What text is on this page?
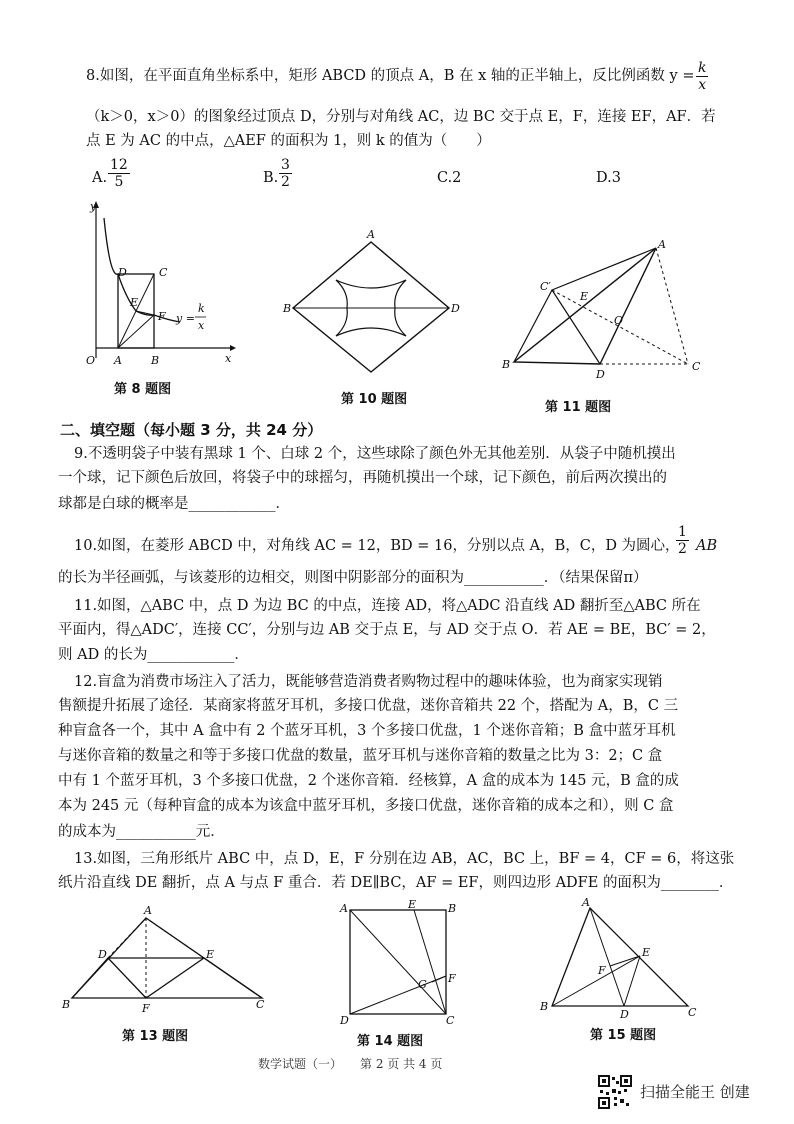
8.如图，在平面直角坐标系中，矩形 ABCD 的顶点 A，B 在 x 轴的正半轴上，反比例函数 $y = \frac{k}{x}$
（k＞0，x＞0）的图象经过顶点 D，分别与对角线 AC，边 BC 交于点 E，F，连接 EF，AF．若
点 E 为 AC 的中点，△AEF 的面积为 1，则 k 的值为（　　）
A. $\frac{12}{5}$	B. $\frac{3}{2}$	C.2	D.3
y
x
O A	B
C
D
E
F y =
k
x
第 8 题图
A
B	D
第 10 题图
A
B	C
C′
D
E
O
第 11 题图
二、填空题（每小题 3 分，共 24 分）
9.不透明袋子中装有黑球 1 个、白球 2 个，这些球除了颜色外无其他差别．从袋子中随机摸出
一个球，记下颜色后放回，将袋子中的球摇匀，再随机摸出一个球，记下颜色，前后两次摸出的
球都是白球的概率是____________．
10.如图，在菱形 ABCD 中，对角线 AC = 12，BD = 16，分别以点 A，B，C，D 为圆心，
$\frac{1}{2}$ AB
的长为半径画弧，与该菱形的边相交，则图中阴影部分的面积为___________．（结果保留π）
11.如图，△ABC 中，点 D 为边 BC 的中点，连接 AD，将△ADC 沿直线 AD 翻折至△ABC 所在
平面内，得△ADC′，连接 CC′，分别与边 AB 交于点 E，与 AD 交于点 O．若 AE = BE，BC′ = 2，
则 AD 的长为____________．
12.盲盒为消费市场注入了活力，既能够营造消费者购物过程中的趣味体验，也为商家实现销
售额提升拓展了途径．某商家将蓝牙耳机，多接口优盘，迷你音箱共 22 个，搭配为 A，B，C 三
种盲盒各一个，其中 A 盒中有 2 个蓝牙耳机，3 个多接口优盘，1 个迷你音箱；B 盒中蓝牙耳机
与迷你音箱的数量之和等于多接口优盘的数量，蓝牙耳机与迷你音箱的数量之比为 3：2；C 盒
中有 1 个蓝牙耳机，3 个多接口优盘，2 个迷你音箱．经核算，A 盒的成本为 145 元，B 盒的成
本为 245 元（每种盲盒的成本为该盒中蓝牙耳机，多接口优盘，迷你音箱的成本之和），则 C 盒
的成本为___________元．
13.如图，三角形纸片 ABC 中，点 D，E，F 分别在边 AB，AC，BC 上，BF = 4，CF = 6，将这张
纸片沿直线 DE 翻折，点 A 与点 F 重合．若 DE∥BC，AF = EF，则四边形 ADFE 的面积为________．
A
B	C
D	E
F
第 13 题图
A	B
C
D
E
F
G
第 14 题图
A
B	C
D
E
F
第 15 题图
数学试题（一）　　第 2 页 共 4 页
扫描全能王 创建
